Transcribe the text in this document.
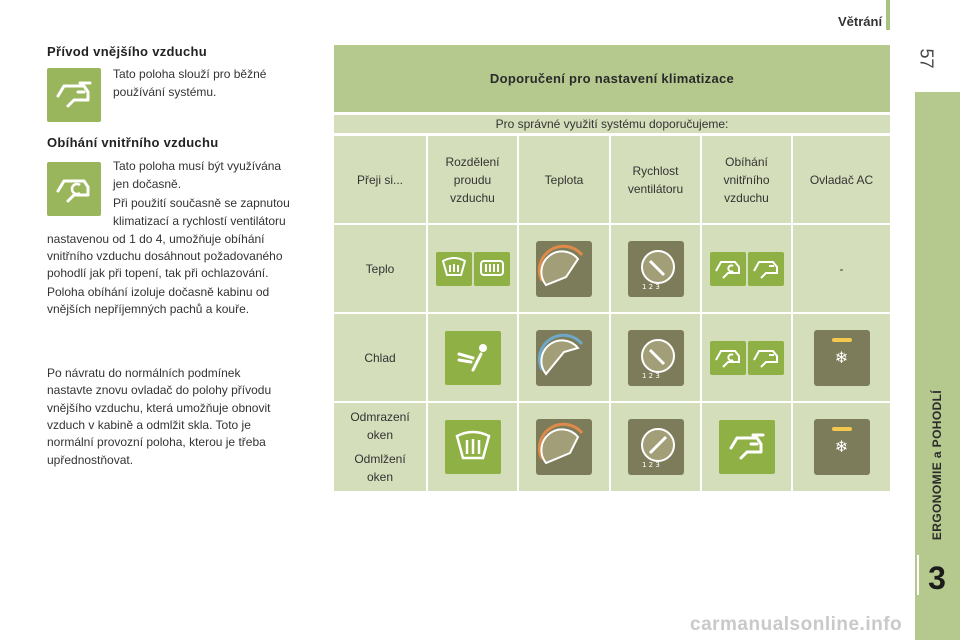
Větrání
57
ERGONOMIE a POHODLÍ
3
Přívod vnějšího vzduchu

Tato poloha slouží pro běžné

používání systému.

Obíhání vnitřního vzduchu

Tato poloha musí být využívána

jen dočasně.

Při použití současně se zapnutou

klimatizací a rychlostí ventilátoru

nastavenou od 1 do 4, umožňuje obíhání

vnitřního vzduchu dosáhnout požadovaného

pohodlí jak při topení, tak při ochlazování.

Poloha obíhání izoluje dočasně kabinu od

vnějších nepříjemných pachů a kouře.

Po návratu do normálních podmínek

nastavte znovu ovladač do polohy přívodu

vnějšího vzduchu, která umožňuje obnovit

vzduch v kabině a odmlžit skla. Toto je

normální provozní poloha, kterou je třeba

upřednostňovat.

Doporučení pro nastavení klimatizace
Pro správné využití systému doporučujeme:
Přeji si...
Rozdělení
proudu
vzduchu
Teplota
Rychlost
ventilátoru
Obíhání
vnitřního
vzduchu
Ovladač AC
Teplo
1 2 3
-
Chlad
1 2 3
❄
Odmrazení
oken
Odmlžení
oken
1 2 3
❄
carmanualsonline.info
